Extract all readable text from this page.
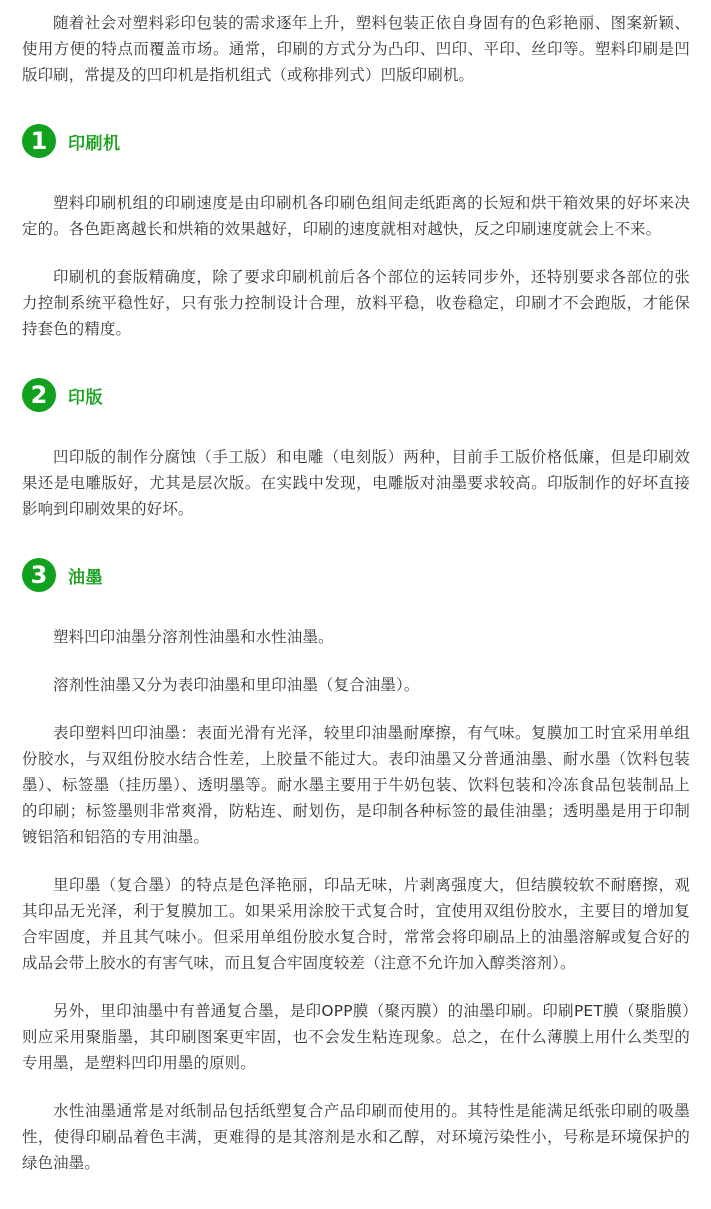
随着社会对塑料彩印包装的需求逐年上升，塑料包装正依自身固有的色彩艳丽、图案新颖、使用方便的特点而覆盖市场。通常，印刷的方式分为凸印、凹印、平印、丝印等。塑料印刷是凹版印刷，常提及的凹印机是指机组式（或称排列式）凹版印刷机。

1	印刷机

塑料印刷机组的印刷速度是由印刷机各印刷色组间走纸距离的长短和烘干箱效果的好坏来决定的。各色距离越长和烘箱的效果越好，印刷的速度就相对越快，反之印刷速度就会上不来。

印刷机的套版精确度，除了要求印刷机前后各个部位的运转同步外，还特别要求各部位的张力控制系统平稳性好，只有张力控制设计合理，放料平稳，收卷稳定，印刷才不会跑版，才能保持套色的精度。

2	印版

凹印版的制作分腐蚀（手工版）和电雕（电刻版）两种，目前手工版价格低廉，但是印刷效果还是电雕版好，尤其是层次版。在实践中发现，电雕版对油墨要求较高。印版制作的好坏直接影响到印刷效果的好坏。

3	油墨

塑料凹印油墨分溶剂性油墨和水性油墨。

溶剂性油墨又分为表印油墨和里印油墨（复合油墨）。

表印塑料凹印油墨：表面光滑有光泽，较里印油墨耐摩擦，有气味。复膜加工时宜采用单组份胶水，与双组份胶水结合性差，上胶量不能过大。表印油墨又分普通油墨、耐水墨（饮料包装墨）、标签墨（挂历墨）、透明墨等。耐水墨主要用于牛奶包装、饮料包装和冷冻食品包装制品上的印刷；标签墨则非常爽滑，防粘连、耐划伤，是印制各种标签的最佳油墨；透明墨是用于印制镀铝箔和铝箔的专用油墨。

里印墨（复合墨）的特点是色泽艳丽，印品无味，片剥离强度大，但结膜较软不耐磨擦，观其印品无光泽，利于复膜加工。如果采用涂胶干式复合时，宜使用双组份胶水，主要目的增加复合牢固度，并且其气味小。但采用单组份胶水复合时，常常会将印刷品上的油墨溶解或复合好的成品会带上胶水的有害气味，而且复合牢固度较差（注意不允许加入醇类溶剂）。

另外，里印油墨中有普通复合墨，是印OPP膜（聚丙膜）的油墨印刷。印刷PET膜（聚脂膜）则应采用聚脂墨，其印刷图案更牢固，也不会发生粘连现象。总之，在什么薄膜上用什么类型的专用墨，是塑料凹印用墨的原则。

水性油墨通常是对纸制品包括纸塑复合产品印刷而使用的。其特性是能满足纸张印刷的吸墨性，使得印刷品着色丰满，更难得的是其溶剂是水和乙醇，对环境污染性小，号称是环境保护的绿色油墨。
